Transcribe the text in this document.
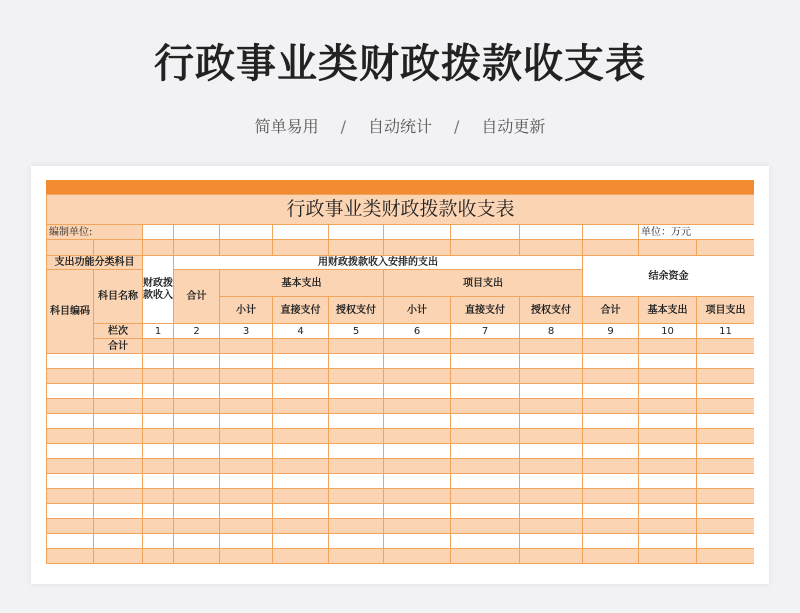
行政事业类财政拨款收支表
简单易用 / 自动统计 / 自动更新
行政事业类财政拨款收支表												
编制单位:											单位：万元	

支出功能分类科目		财政拨款收入	用财政拨款收入安排的支出							结余资金		
科目编码	科目名称		合计	基本支出			项目支出					
				小计	直接支付	授权支付	小计	直接支付	授权支付	合计	基本支出	项目支出
	栏次	1	2	3	4	5	6	7	8	9	10	11
	合计											
